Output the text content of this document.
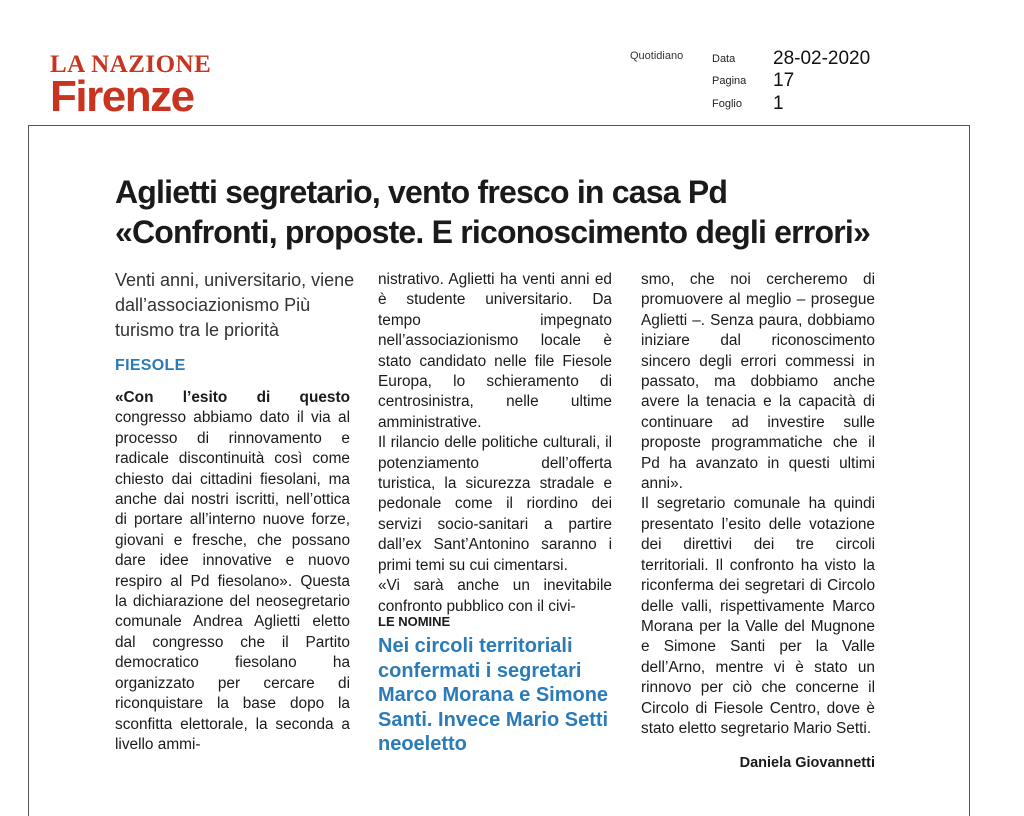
LA NAZIONE
Firenze
Quotidiano	Data 28-02-2020
Pagina 17
Foglio 1
Aglietti segretario, vento fresco in casa Pd
«Confronti, proposte. E riconoscimento degli errori»
Venti anni, universitario, viene dall’associazionismo Più turismo tra le priorità
FIESOLE

«Con l’esito di questo congresso abbiamo dato il via al processo di rinnovamento e radicale discontinuità così come chiesto dai cittadini fiesolani, ma anche dai nostri iscritti, nell’ottica di portare all’interno nuove forze, giovani e fresche, che possano dare idee innovative e nuovo respiro al Pd fiesolano». Questa la dichiarazione del neosegretario comunale Andrea Aglietti eletto dal congresso che il Partito democratico fiesolano ha organizzato per cercare di riconquistare la base dopo la sconfitta elettorale, la seconda a livello ammi-

nistrativo. Aglietti ha venti anni ed è studente universitario. Da tempo impegnato nell’associazionismo locale è stato candidato nelle file Fiesole Europa, lo schieramento di centrosinistra, nelle ultime amministrative.

Il rilancio delle politiche culturali, il potenziamento dell’offerta turistica, la sicurezza stradale e pedonale come il riordino dei servizi socio-sanitari a partire dall’ex Sant’Antonino saranno i primi temi su cui cimentarsi.

«Vi sarà anche un inevitabile confronto pubblico con il civi-

LE NOMINE
Nei circoli territoriali confermati i segretari Marco Morana e Simone Santi. Invece Mario Setti neoeletto

smo, che noi cercheremo di promuovere al meglio – prosegue Aglietti –. Senza paura, dobbiamo iniziare dal riconoscimento sincero degli errori commessi in passato, ma dobbiamo anche avere la tenacia e la capacità di continuare ad investire sulle proposte programmatiche che il Pd ha avanzato in questi ultimi anni».

Il segretario comunale ha quindi presentato l’esito delle votazione dei direttivi dei tre circoli territoriali. Il confronto ha visto la riconferma dei segretari di Circolo delle valli, rispettivamente Marco Morana per la Valle del Mugnone e Simone Santi per la Valle dell’Arno, mentre vi è stato un rinnovo per ciò che concerne il Circolo di Fiesole Centro, dove è stato eletto segretario Mario Setti.

Daniela Giovannetti
